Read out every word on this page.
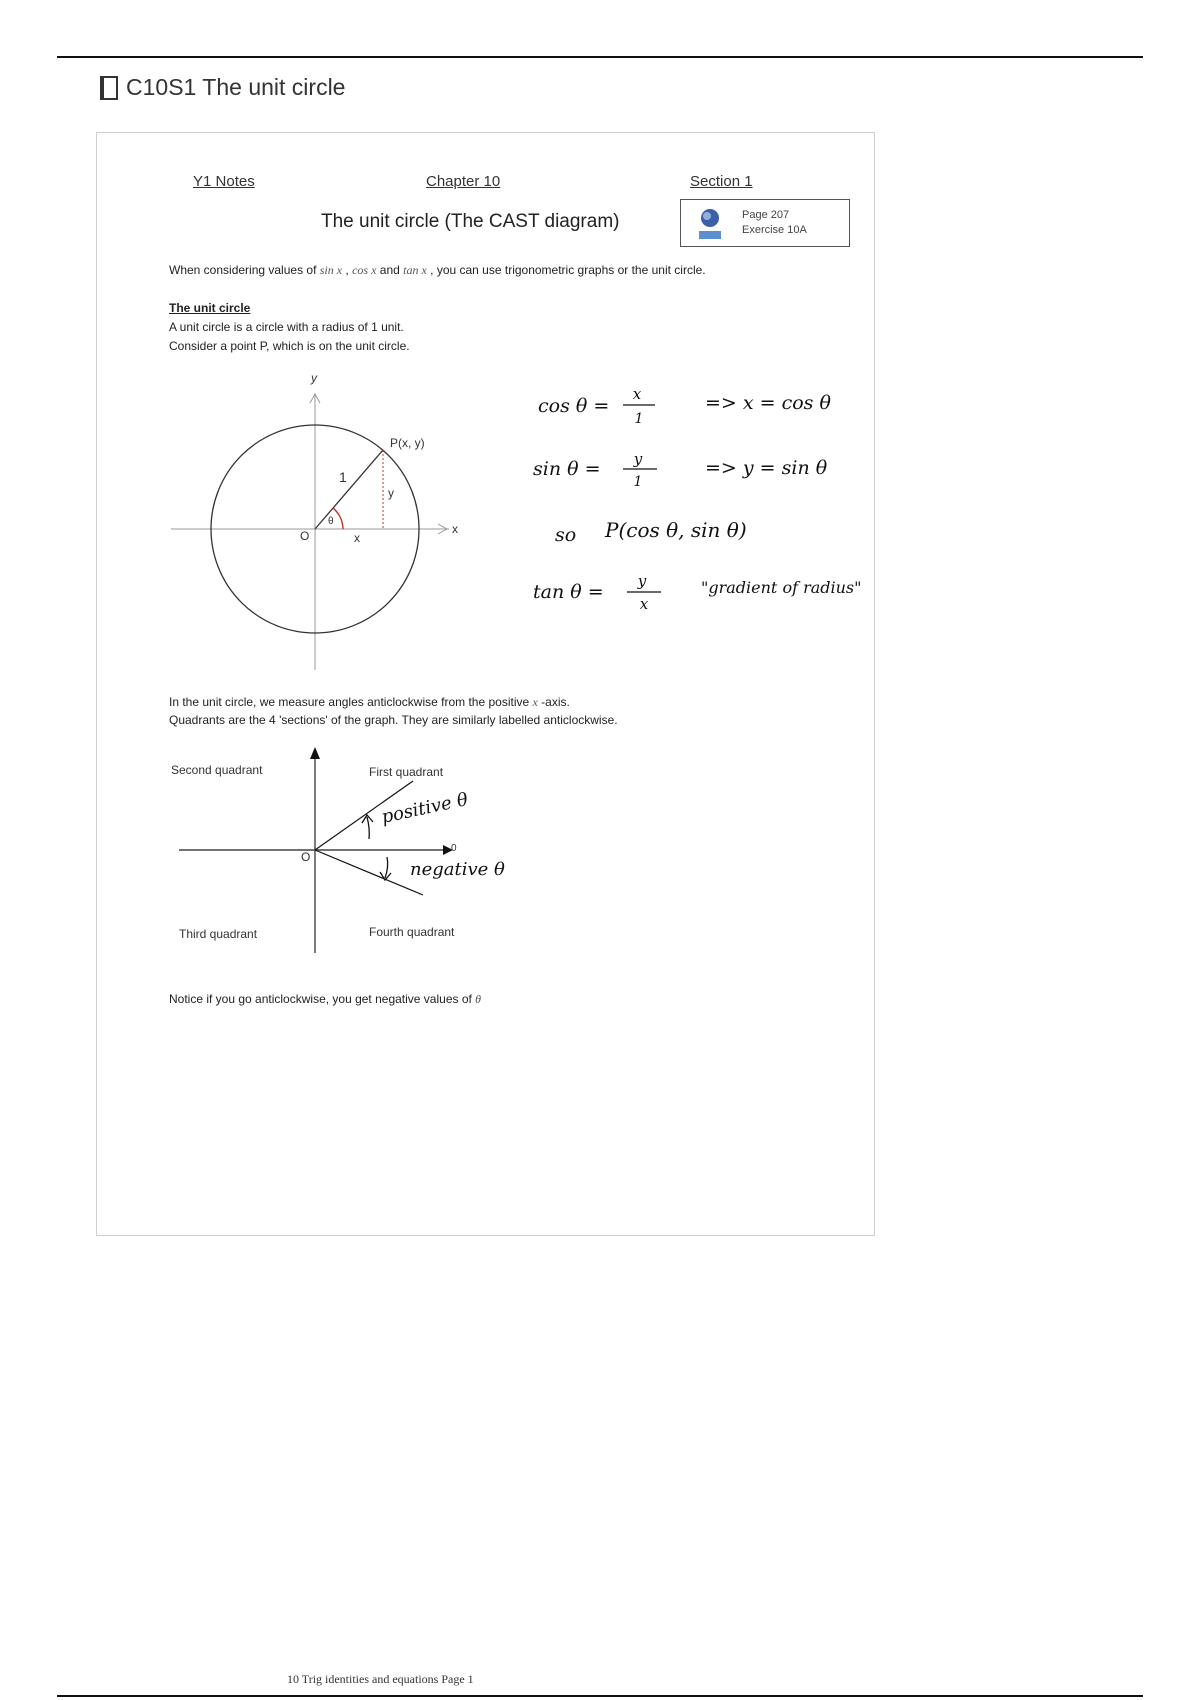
C10S1 The unit circle
Y1 Notes	Chapter 10	Section 1
The unit circle (The CAST diagram)	Page 207
Exercise 10A
When considering values of sin x , cos x and tan x , you can use trigonometric graphs or the unit circle.
The unit circle
A unit circle is a circle with a radius of 1 unit.
Consider a point P, which is on the unit circle.
y
x
O
P(x, y)
1
θ
y
x
cos θ =
x
1
=> x = cos θ
sin θ = y
1
=> y = sin θ
so P(cos θ, sin θ)
tan θ = y
x
"gradient of radius"
In the unit circle, we measure angles anticlockwise from the positive x -axis.
Quadrants are the 4 'sections' of the graph. They are similarly labelled anticlockwise.
Second quadrant	First quadrant
Third quadrant	Fourth quadrant
O
0
positive θ
negative θ
Notice if you go anticlockwise, you get negative values of θ
10 Trig identities and equations Page 1
